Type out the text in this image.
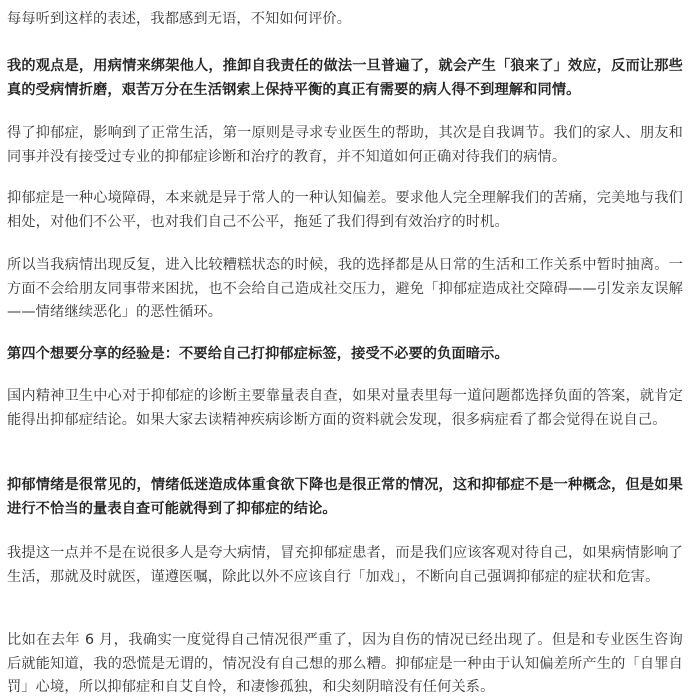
每每听到这样的表述，我都感到无语，不知如何评价。

我的观点是，用病情来绑架他人，推卸自我责任的做法一旦普遍了，就会产生「狼来了」效应，反而让那些真的受病情折磨，艰苦万分在生活钢索上保持平衡的真正有需要的病人得不到理解和同情。

得了抑郁症，影响到了正常生活，第一原则是寻求专业医生的帮助，其次是自我调节。我们的家人、朋友和同事并没有接受过专业的抑郁症诊断和治疗的教育，并不知道如何正确对待我们的病情。

抑郁症是一种心境障碍，本来就是异于常人的一种认知偏差。要求他人完全理解我们的苦痛，完美地与我们相处，对他们不公平，也对我们自己不公平，拖延了我们得到有效治疗的时机。

所以当我病情出现反复，进入比较糟糕状态的时候，我的选择都是从日常的生活和工作关系中暂时抽离。一方面不会给朋友同事带来困扰，也不会给自己造成社交压力，避免「抑郁症造成社交障碍——引发亲友误解——情绪继续恶化」的恶性循环。

第四个想要分享的经验是：不要给自己打抑郁症标签，接受不必要的负面暗示。

国内精神卫生中心对于抑郁症的诊断主要靠量表自查，如果对量表里每一道问题都选择负面的答案，就肯定能得出抑郁症结论。如果大家去读精神疾病诊断方面的资料就会发现，很多病症看了都会觉得在说自己。

抑郁情绪是很常见的，情绪低迷造成体重食欲下降也是很正常的情况，这和抑郁症不是一种概念，但是如果进行不恰当的量表自查可能就得到了抑郁症的结论。

我提这一点并不是在说很多人是夸大病情，冒充抑郁症患者，而是我们应该客观对待自己，如果病情影响了生活，那就及时就医，谨遵医嘱，除此以外不应该自行「加戏」，不断向自己强调抑郁症的症状和危害。

比如在去年 6 月，我确实一度觉得自己情况很严重了，因为自伤的情况已经出现了。但是和专业医生咨询后就能知道，我的恐慌是无谓的，情况没有自己想的那么糟。抑郁症是一种由于认知偏差所产生的「自罪自罚」心境，所以抑郁症和自艾自怜，和凄惨孤独，和尖刻阴暗没有任何关系。
